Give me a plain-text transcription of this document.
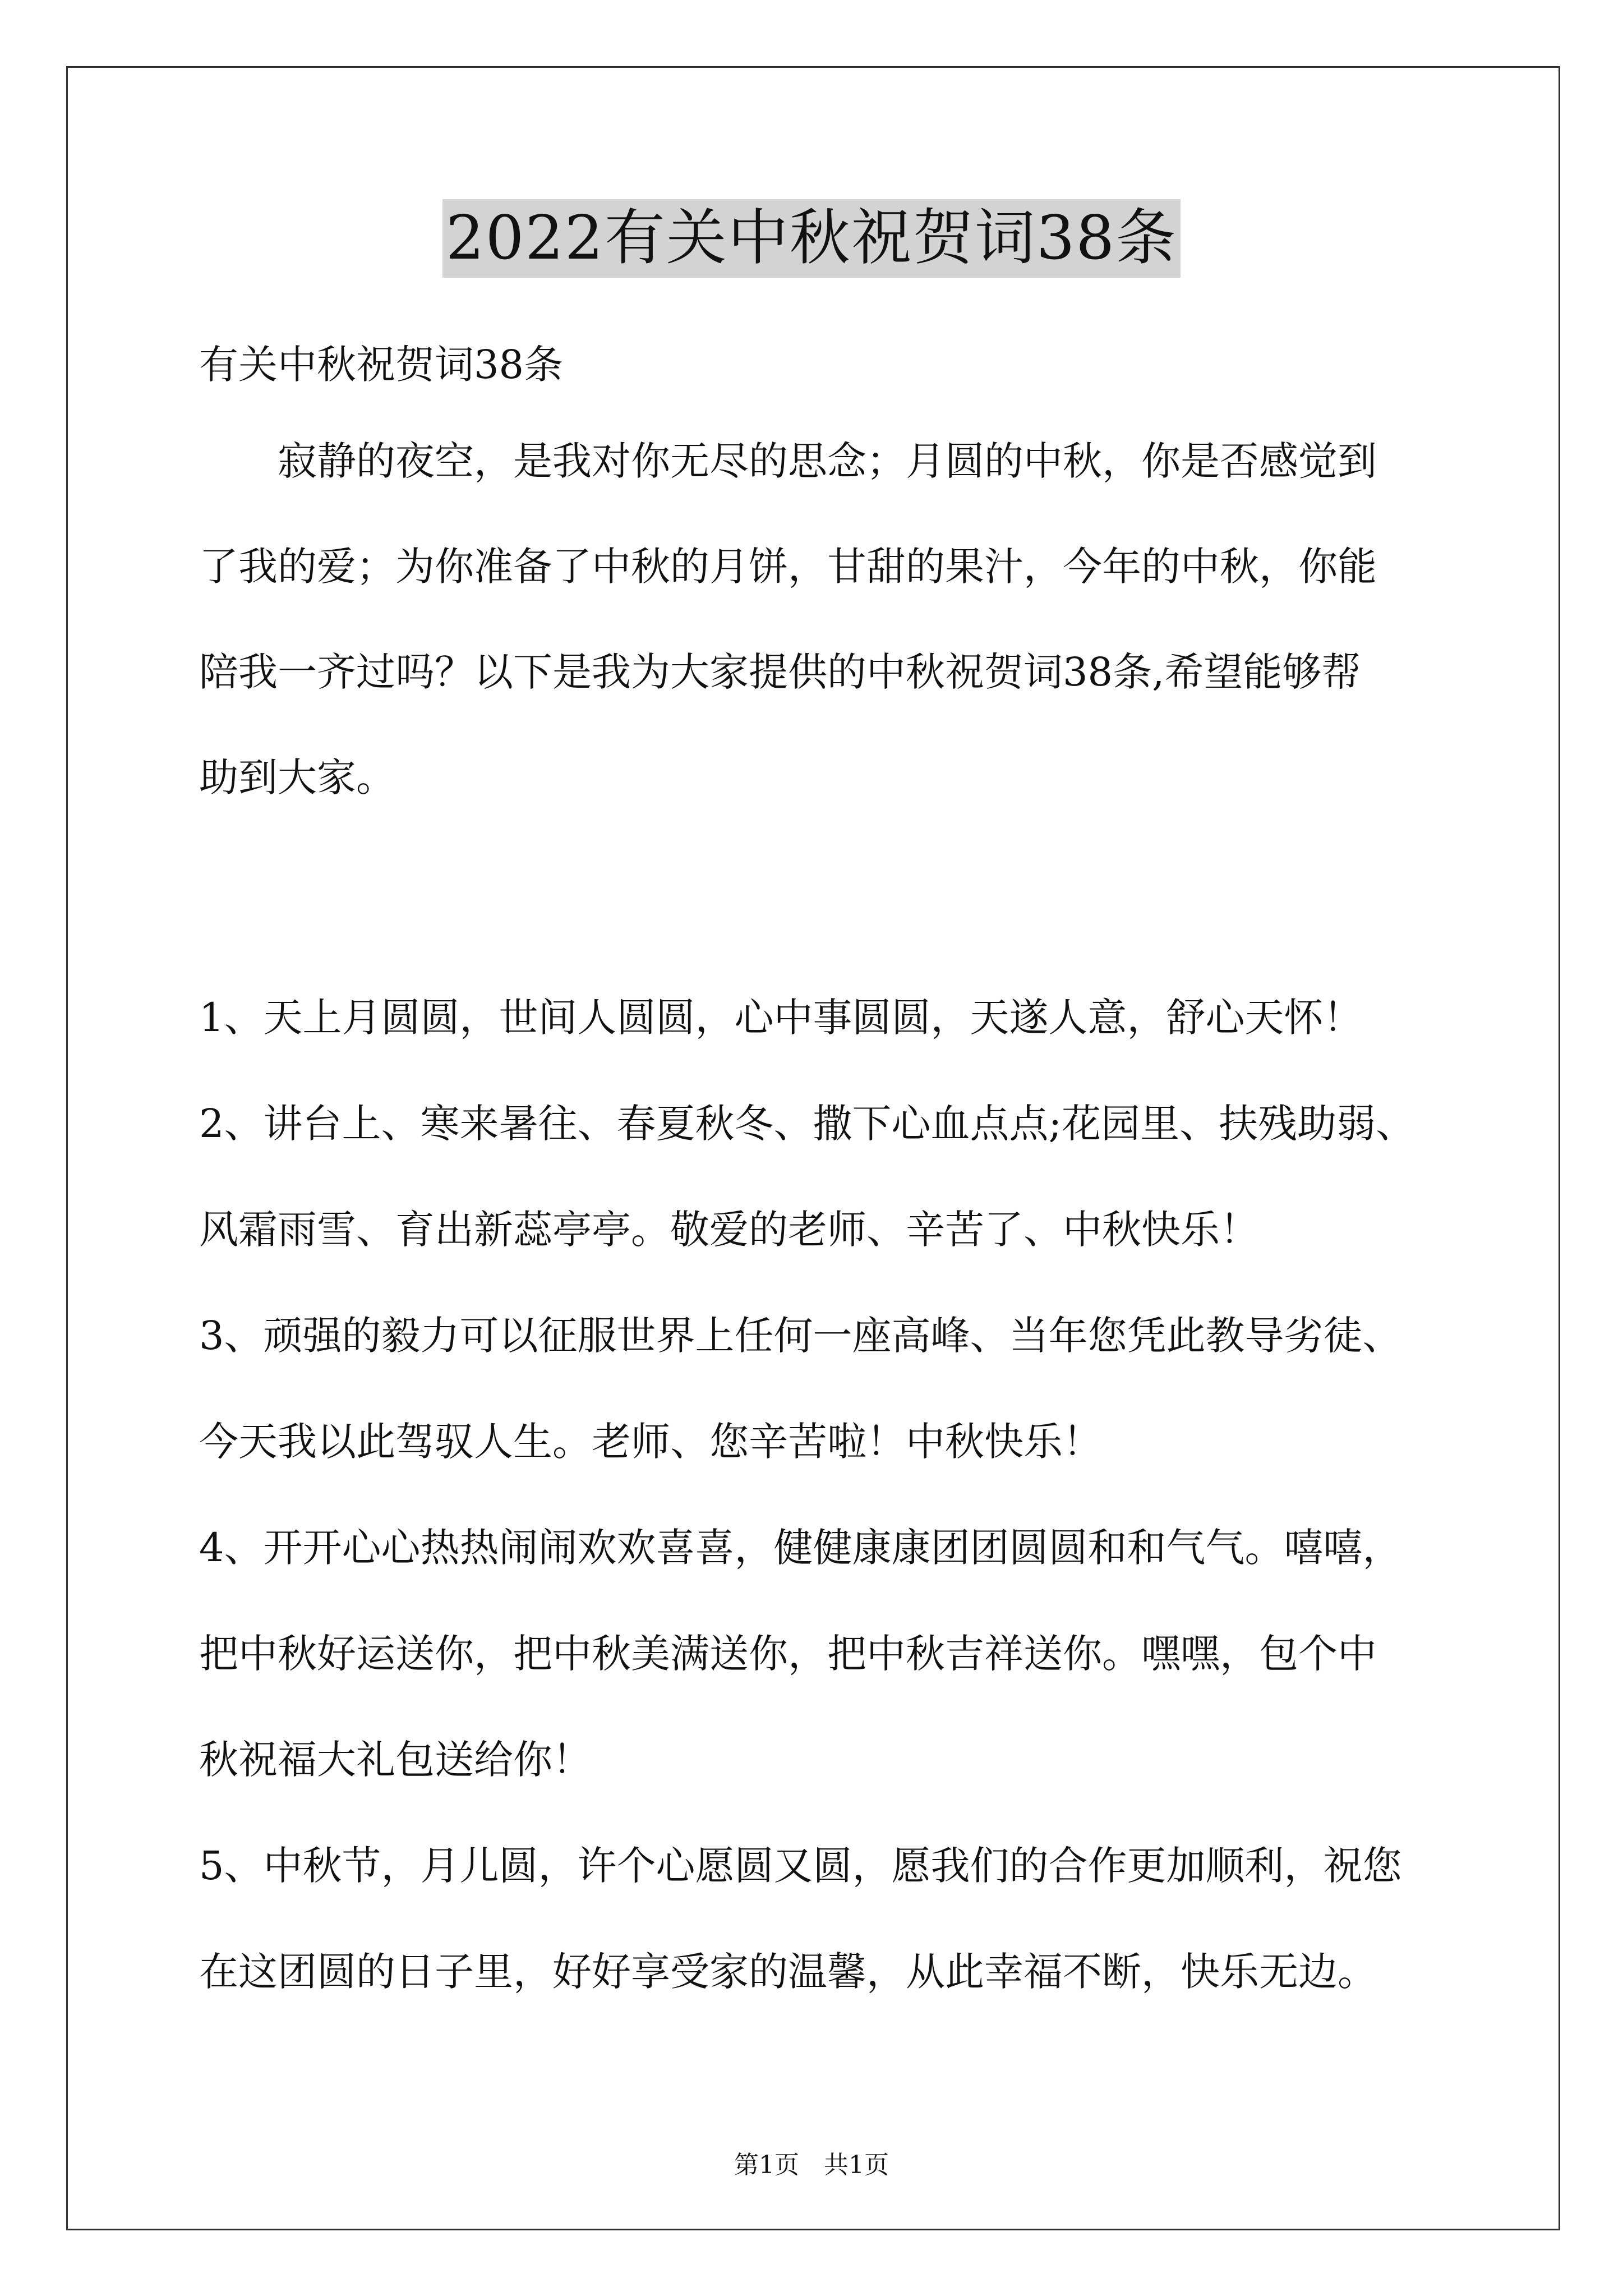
2022有关中秋祝贺词38条

有关中秋祝贺词38条

寂静的夜空，是我对你无尽的思念；月圆的中秋，你是否感觉到

了我的爱；为你准备了中秋的月饼，甘甜的果汁，今年的中秋，你能

陪我一齐过吗？以下是我为大家提供的中秋祝贺词38条,希望能够帮

助到大家。

1、天上月圆圆，世间人圆圆，心中事圆圆，天遂人意，舒心天怀！

2、讲台上、寒来暑往、春夏秋冬、撒下心血点点;花园里、扶残助弱、

风霜雨雪、育出新蕊亭亭。敬爱的老师、辛苦了、中秋快乐！

3、顽强的毅力可以征服世界上任何一座高峰、当年您凭此教导劣徒、

今天我以此驾驭人生。老师、您辛苦啦！中秋快乐！

4、开开心心热热闹闹欢欢喜喜，健健康康团团圆圆和和气气。嘻嘻，

把中秋好运送你，把中秋美满送你，把中秋吉祥送你。嘿嘿，包个中

秋祝福大礼包送给你！

5、中秋节，月儿圆，许个心愿圆又圆，愿我们的合作更加顺利，祝您

在这团圆的日子里，好好享受家的温馨，从此幸福不断，快乐无边。

第1页　共1页
